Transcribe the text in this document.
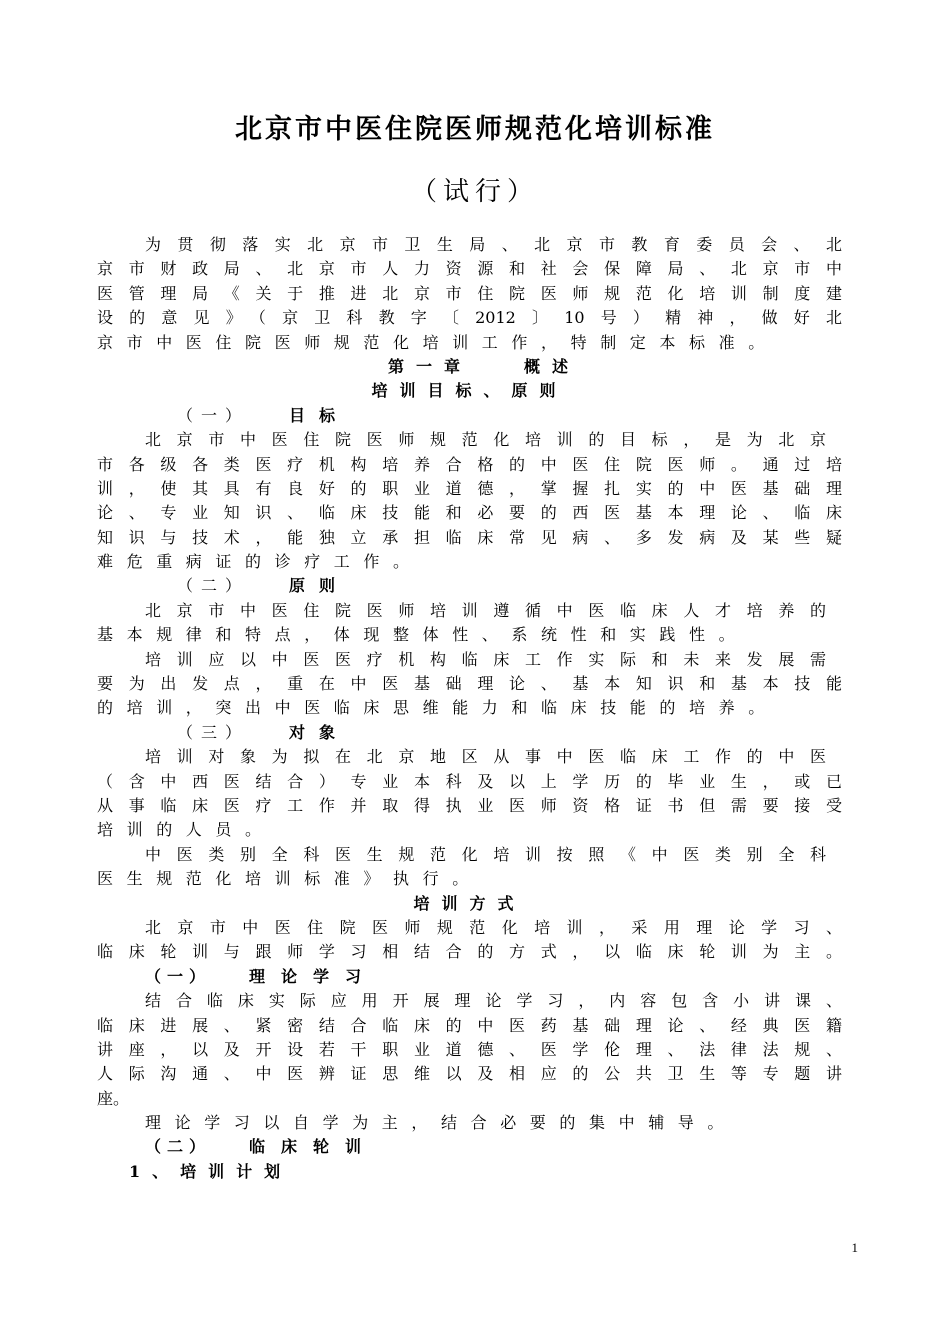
北京市中医住院医师规范化培训标准
（试行）
为贯彻落实北京市卫生局、北京市教育委员会、北
京市财政局、北京市人力资源和社会保障局、北京市中
医管理局《关于推进北京市住院医师规范化培训制度建
设的意见》（京卫科教字〔2012〕10号）精神，做好北
京市中医住院医师规范化培训工作，特制定本标准。
第一章	概述
培训目标、原则
（一）	目标
北京市中医住院医师规范化培训的目标，是为北京
市各级各类医疗机构培养合格的中医住院医师。通过培
训，使其具有良好的职业道德，掌握扎实的中医基础理
论、专业知识、临床技能和必要的西医基本理论、临床
知识与技术，能独立承担临床常见病、多发病及某些疑
难危重病证的诊疗工作。
（二）	原则
北京市中医住院医师培训遵循中医临床人才培养的
基本规律和特点，体现整体性、系统性和实践性。
培训应以中医医疗机构临床工作实际和未来发展需
要为出发点，重在中医基础理论、基本知识和基本技能
的培训，突出中医临床思维能力和临床技能的培养。
（三）	对象
培训对象为拟在北京地区从事中医临床工作的中医
（含中西医结合）专业本科及以上学历的毕业生，或已
从事临床医疗工作并取得执业医师资格证书但需要接受
培训的人员。
中医类别全科医生规范化培训按照《中医类别全科
医生规范化培训标准》执行。
培训方式
北京市中医住院医师规范化培训，采用理论学习、
临床轮训与跟师学习相结合的方式，以临床轮训为主。
（一） 理论学习
结合临床实际应用开展理论学习，内容包含小讲课、
临床进展、紧密结合临床的中医药基础理论、经典医籍
讲座，以及开设若干职业道德、医学伦理、法律法规、
人际沟通、中医辨证思维以及相应的公共卫生等专题讲
座。
理论学习以自学为主，结合必要的集中辅导。
（二） 临床轮训
1、培训计划
1
